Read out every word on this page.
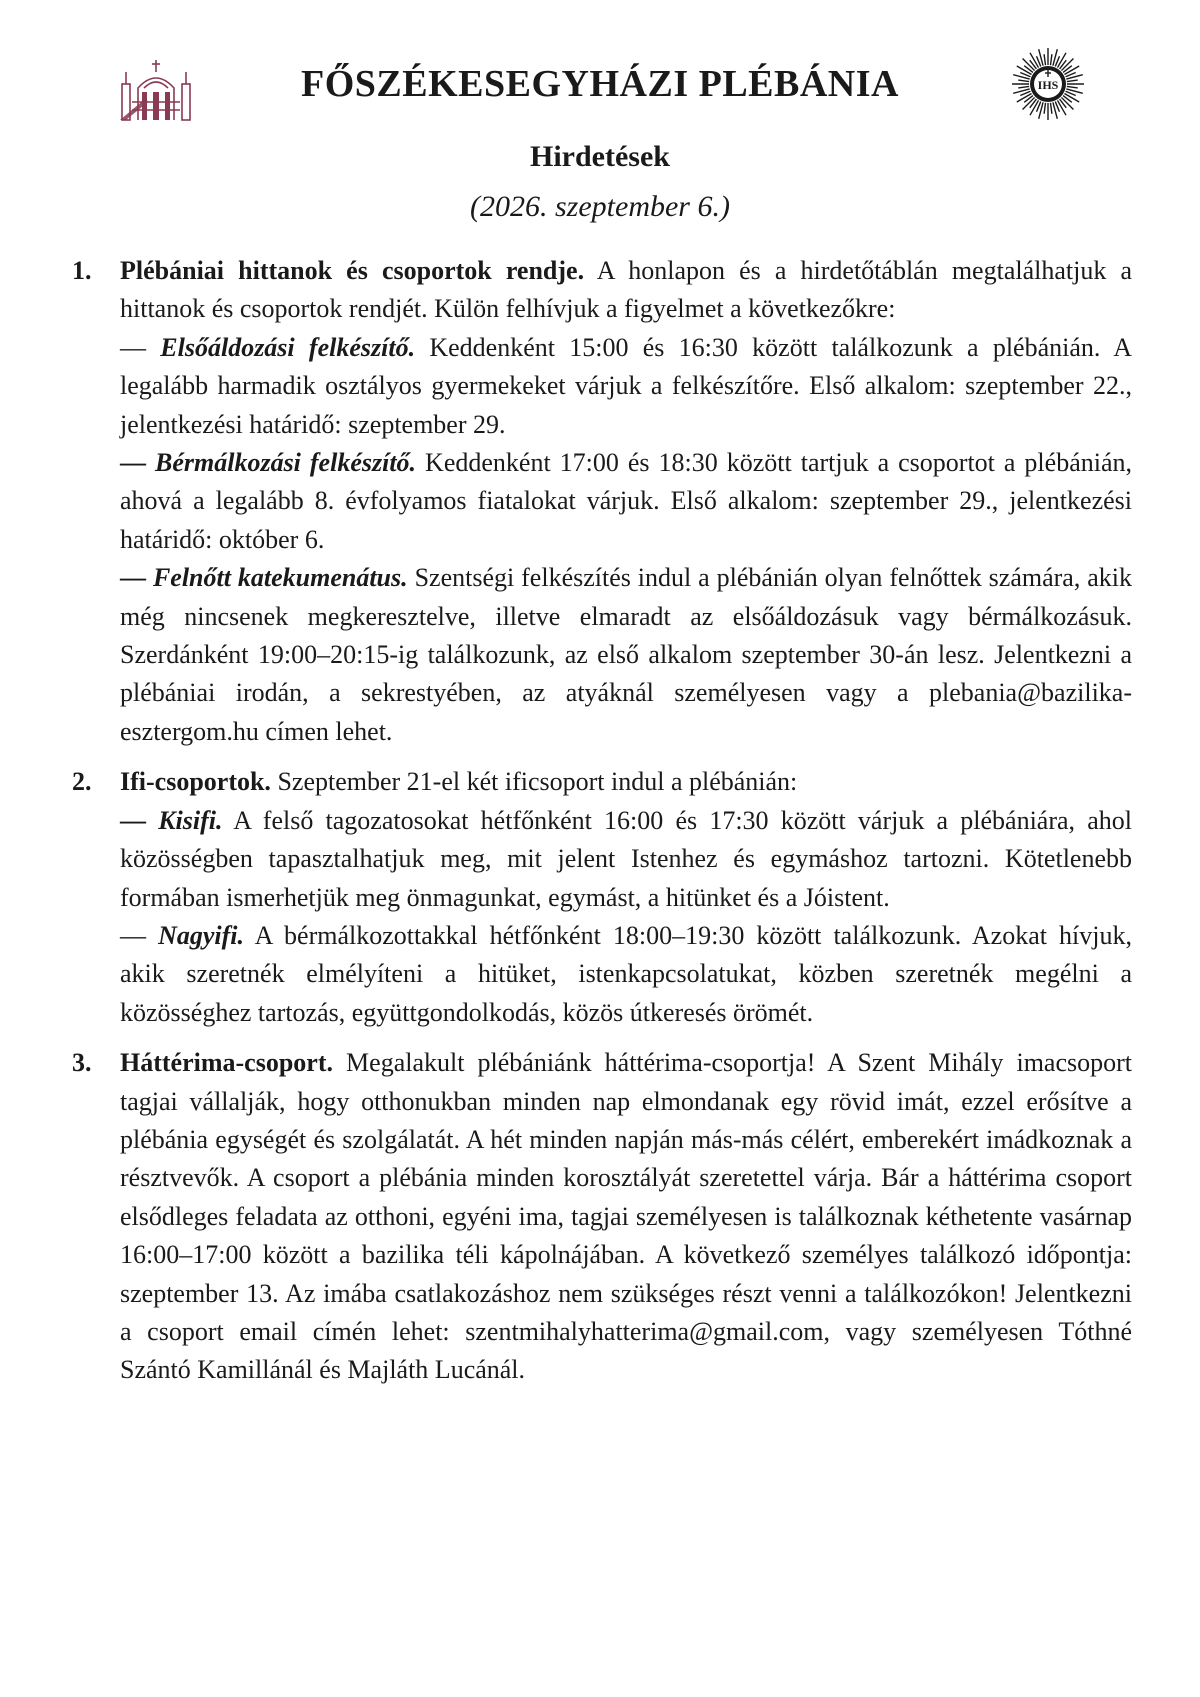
FŐSZÉKESEGYHÁZI PLÉBÁNIA	IHS
Hirdetések
(2026. szeptember 6.)
1. Plébániai hittanok és csoportok rendje. A honlapon és a hirdetőtáblán megtalálhatjuk a hittanok és csoportok rendjét. Külön felhívjuk a figyelmet a következőkre:

— Elsőáldozási felkészítő. Keddenként 15:00 és 16:30 között találkozunk a plébánián. A legalább harmadik osztályos gyermekeket várjuk a felkészítőre. Első alkalom: szeptember 22., jelentkezési határidő: szeptember 29.

— Bérmálkozási felkészítő. Keddenként 17:00 és 18:30 között tartjuk a csoportot a plébánián, ahová a legalább 8. évfolyamos fiatalokat várjuk. Első alkalom: szeptember 29., jelentkezési határidő: október 6.

— Felnőtt katekumenátus. Szentségi felkészítés indul a plébánián olyan felnőttek számára, akik még nincsenek megkeresztelve, illetve elmaradt az elsőáldozásuk vagy bérmálkozásuk. Szerdánként 19:00–20:15-ig találkozunk, az első alkalom szeptember 30-án lesz. Jelentkezni a plébániai irodán, a sekrestyében, az atyáknál személyesen vagy a plebania@bazilika-esztergom.hu címen lehet.

2. Ifi-csoportok. Szeptember 21-el két ificsoport indul a plébánián:

— Kisifi. A felső tagozatosokat hétfőnként 16:00 és 17:30 között várjuk a plébániára, ahol közösségben tapasztalhatjuk meg, mit jelent Istenhez és egymáshoz tartozni. Kötetlenebb formában ismerhetjük meg önmagunkat, egymást, a hitünket és a Jóistent.

— Nagyifi. A bérmálkozottakkal hétfőnként 18:00–19:30 között találkozunk. Azokat hívjuk, akik szeretnék elmélyíteni a hitüket, istenkapcsolatukat, közben szeretnék megélni a közösséghez tartozás, együttgondolkodás, közös útkeresés örömét.

3. Háttérima-csoport. Megalakult plébániánk háttérima-csoportja! A Szent Mihály imacsoport tagjai vállalják, hogy otthonukban minden nap elmondanak egy rövid imát, ezzel erősítve a plébánia egységét és szolgálatát. A hét minden napján más-más célért, emberekért imádkoznak a résztvevők. A csoport a plébánia minden korosztályát szeretettel várja. Bár a háttérima csoport elsődleges feladata az otthoni, egyéni ima, tagjai személyesen is találkoznak kéthetente vasárnap 16:00–17:00 között a bazilika téli kápolnájában. A következő személyes találkozó időpontja: szeptember 13. Az imába csatlakozáshoz nem szükséges részt venni a találkozókon! Jelentkezni a csoport email címén lehet: szentmihalyhatterima@gmail.com, vagy személyesen Tóthné Szántó Kamillánál és Majláth Lucánál.
